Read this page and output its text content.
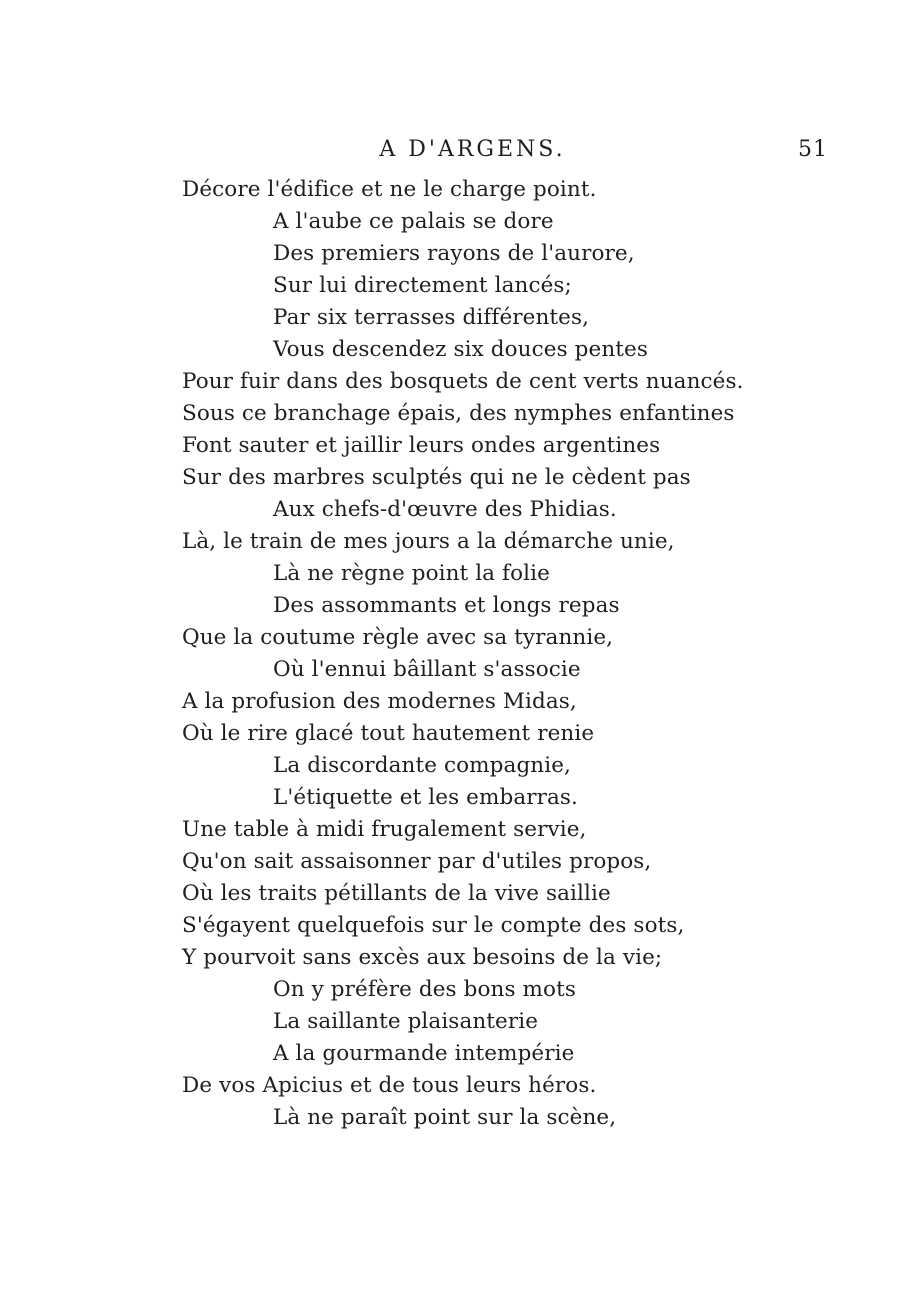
A D'ARGENS.	51
Décore l'édifice et ne le charge point.
A l'aube ce palais se dore
Des premiers rayons de l'aurore,
Sur lui directement lancés;
Par six terrasses différentes,
Vous descendez six douces pentes
Pour fuir dans des bosquets de cent verts nuancés.
Sous ce branchage épais, des nymphes enfantines
Font sauter et jaillir leurs ondes argentines
Sur des marbres sculptés qui ne le cèdent pas
Aux chefs-d'œuvre des Phidias.
Là, le train de mes jours a la démarche unie,
Là ne règne point la folie
Des assommants et longs repas
Que la coutume règle avec sa tyrannie,
Où l'ennui bâillant s'associe
A la profusion des modernes Midas,
Où le rire glacé tout hautement renie
La discordante compagnie,
L'étiquette et les embarras.
Une table à midi frugalement servie,
Qu'on sait assaisonner par d'utiles propos,
Où les traits pétillants de la vive saillie
S'égayent quelquefois sur le compte des sots,
Y pourvoit sans excès aux besoins de la vie;
On y préfère des bons mots
La saillante plaisanterie
A la gourmande intempérie
De vos Apicius et de tous leurs héros.
Là ne paraît point sur la scène,
